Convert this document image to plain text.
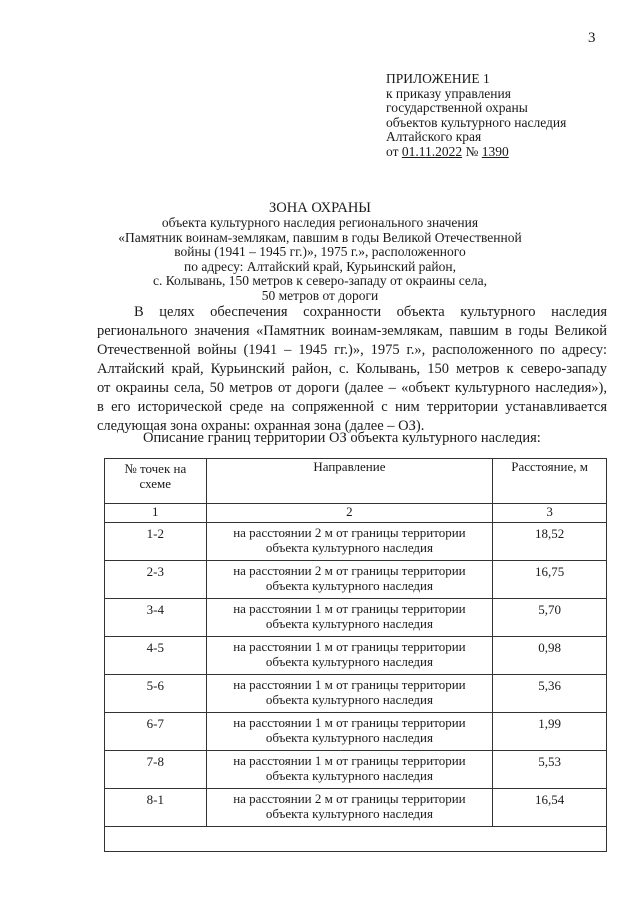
3
ПРИЛОЖЕНИЕ 1
к приказу управления
государственной охраны
объектов культурного наследия
Алтайского края
от 01.11.2022 № 1390
ЗОНА ОХРАНЫ
объекта культурного наследия регионального значения
«Памятник воинам-землякам, павшим в годы Великой Отечественной
войны (1941 – 1945 гг.)», 1975 г.», расположенного
по адресу: Алтайский край, Курьинский район,
с. Колывань, 150 метров к северо-западу от окраины села,
50 метров от дороги
В целях обеспечения сохранности объекта культурного наследия
регионального значения «Памятник воинам-землякам, павшим в годы Великой
Отечественной войны (1941 – 1945 гг.)», 1975 г.», расположенного по адресу:
Алтайский край, Курьинский район, с. Колывань, 150 метров к северо-западу
от окраины села, 50 метров от дороги (далее – «объект культурного наследия»),
в его исторической среде на сопряженной с ним территории устанавливается
следующая зона охраны: охранная зона (далее – ОЗ).
Описание границ территории ОЗ объекта культурного наследия:
№ точек на
схеме	Направление	Расстояние, м
1	2	3
1-2	на расстоянии 2 м от границы территории
объекта культурного наследия	18,52
2-3	на расстоянии 2 м от границы территории
объекта культурного наследия	16,75
3-4	на расстоянии 1 м от границы территории
объекта культурного наследия	5,70
4-5	на расстоянии 1 м от границы территории
объекта культурного наследия	0,98
5-6	на расстоянии 1 м от границы территории
объекта культурного наследия	5,36
6-7	на расстоянии 1 м от границы территории
объекта культурного наследия	1,99
7-8	на расстоянии 1 м от границы территории
объекта культурного наследия	5,53
8-1	на расстоянии 2 м от границы территории
объекта культурного наследия	16,54
